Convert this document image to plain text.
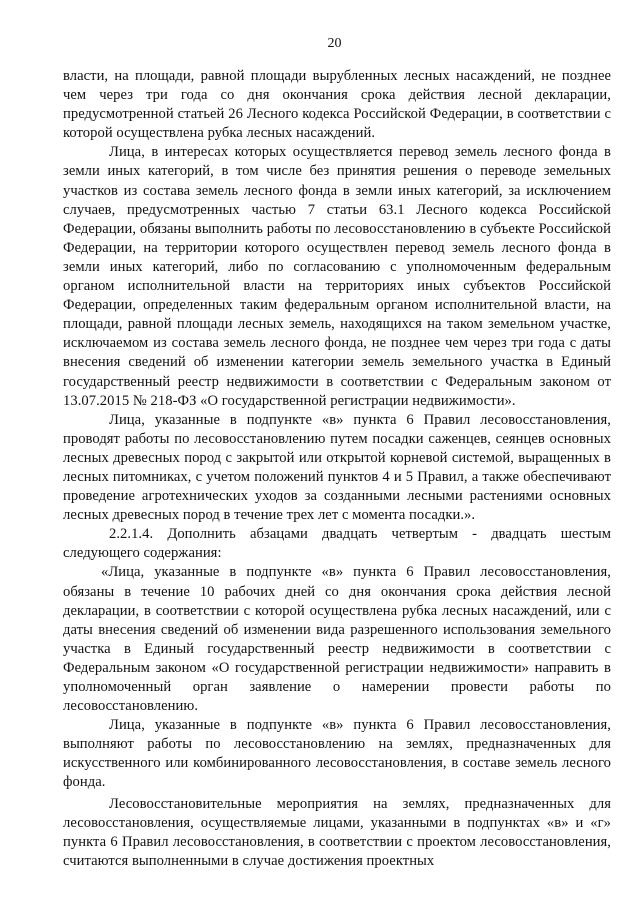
20

власти, на площади, равной площади вырубленных лесных насаждений, не позднее чем через три года со дня окончания срока действия лесной декларации, предусмотренной статьей 26 Лесного кодекса Российской Федерации, в соответствии с которой осуществлена рубка лесных насаждений.

Лица, в интересах которых осуществляется перевод земель лесного фонда в земли иных категорий, в том числе без принятия решения о переводе земельных участков из состава земель лесного фонда в земли иных категорий, за исключением случаев, предусмотренных частью 7 статьи 63.1 Лесного кодекса Российской Федерации, обязаны выполнить работы по лесовосстановлению в субъекте Российской Федерации, на территории которого осуществлен перевод земель лесного фонда в земли иных категорий, либо по согласованию с уполномоченным федеральным органом исполнительной власти на территориях иных субъектов Российской Федерации, определенных таким федеральным органом исполнительной власти, на площади, равной площади лесных земель, находящихся на таком земельном участке, исключаемом из состава земель лесного фонда, не позднее чем через три года с даты внесения сведений об изменении категории земель земельного участка в Единый государственный реестр недвижимости в соответствии с Федеральным законом от 13.07.2015 № 218-ФЗ «О государственной регистрации недвижимости».

Лица, указанные в подпункте «в» пункта 6 Правил лесовосстановления, проводят работы по лесовосстановлению путем посадки саженцев, сеянцев основных лесных древесных пород с закрытой или открытой корневой системой, выращенных в лесных питомниках, с учетом положений пунктов 4 и 5 Правил, а также обеспечивают проведение агротехнических уходов за созданными лесными растениями основных лесных древесных пород в течение трех лет с момента посадки.».

2.2.1.4. Дополнить абзацами двадцать четвертым - двадцать шестым следующего содержания:

«Лица, указанные в подпункте «в» пункта 6 Правил лесовосстановления, обязаны в течение 10 рабочих дней со дня окончания срока действия лесной декларации, в соответствии с которой осуществлена рубка лесных насаждений, или с даты внесения сведений об изменении вида разрешенного использования земельного участка в Единый государственный реестр недвижимости в соответствии с Федеральным законом «О государственной регистрации недвижимости» направить в уполномоченный орган заявление о намерении провести работы по лесовосстановлению.

Лица, указанные в подпункте «в» пункта 6 Правил лесовосстановления, выполняют работы по лесовосстановлению на землях, предназначенных для искусственного или комбинированного лесовосстановления, в составе земель лесного фонда.

Лесовосстановительные мероприятия на землях, предназначенных для лесовосстановления, осуществляемые лицами, указанными в подпунктах «в» и «г» пункта 6 Правил лесовосстановления, в соответствии с проектом лесовосстановления, считаются выполненными в случае достижения проектных
